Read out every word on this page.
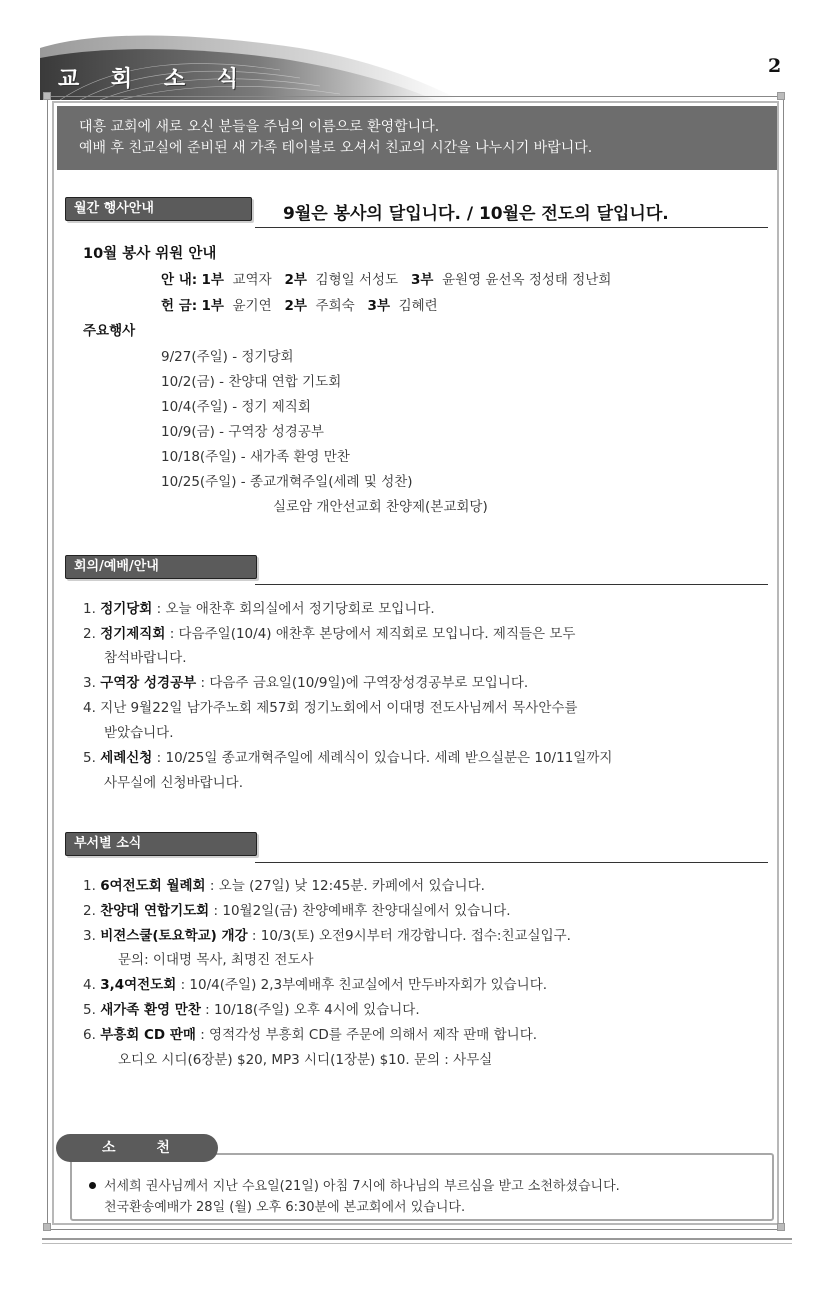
교 회 소 식
2
대흥 교회에 새로 오신 분들을 주님의 이름으로 환영합니다.
예배 후 친교실에 준비된 새 가족 테이블로 오셔서 친교의 시간을 나누시기 바랍니다.
월간 행사안내	9월은 봉사의 달입니다. / 10월은 전도의 달입니다.
10월 봉사 위원 안내
안 내: 1부 교역자 2부 김형일 서성도 3부 윤원영 윤선옥 정성태 정난희
헌 금: 1부 윤기연 2부 주희숙 3부 김혜련
주요행사
9/27(주일) - 정기당회
10/2(금) - 찬양대 연합 기도회
10/4(주일) - 정기 제직회
10/9(금) - 구역장 성경공부
10/18(주일) - 새가족 환영 만찬
10/25(주일) - 종교개혁주일(세례 및 성찬)
실로암 개안선교회 찬양제(본교회당)
회의/예배/안내
1. 정기당회 : 오늘 애찬후 회의실에서 정기당회로 모입니다.
2. 정기제직회 : 다음주일(10/4) 애찬후 본당에서 제직회로 모입니다. 제직들은 모두
참석바랍니다.
3. 구역장 성경공부 : 다음주 금요일(10/9일)에 구역장성경공부로 모입니다.
4. 지난 9월22일 남가주노회 제57회 정기노회에서 이대명 전도사님께서 목사안수를
받았습니다.
5. 세례신청 : 10/25일 종교개혁주일에 세례식이 있습니다. 세례 받으실분은 10/11일까지
사무실에 신청바랍니다.
부서별 소식
1. 6여전도회 월례회 : 오늘 (27일) 낮 12:45분. 카페에서 있습니다.
2. 찬양대 연합기도회 : 10월2일(금) 찬양예배후 찬양대실에서 있습니다.
3. 비젼스쿨(토요학교) 개강 : 10/3(토) 오전9시부터 개강합니다. 접수:친교실입구.
문의: 이대명 목사, 최명진 전도사
4. 3,4여전도회 : 10/4(주일) 2,3부예배후 친교실에서 만두바자회가 있습니다.
5. 새가족 환영 만찬 : 10/18(주일) 오후 4시에 있습니다.
6. 부흥회 CD 판매 : 영적각성 부흥회 CD를 주문에 의해서 제작 판매 합니다.
오디오 시디(6장분) $20, MP3 시디(1장분) $10. 문의 : 사무실
소 천
서세희 권사님께서 지난 수요일(21일) 아침 7시에 하나님의 부르심을 받고 소천하셨습니다.
천국환송예배가 28일 (월) 오후 6:30분에 본교회에서 있습니다.
